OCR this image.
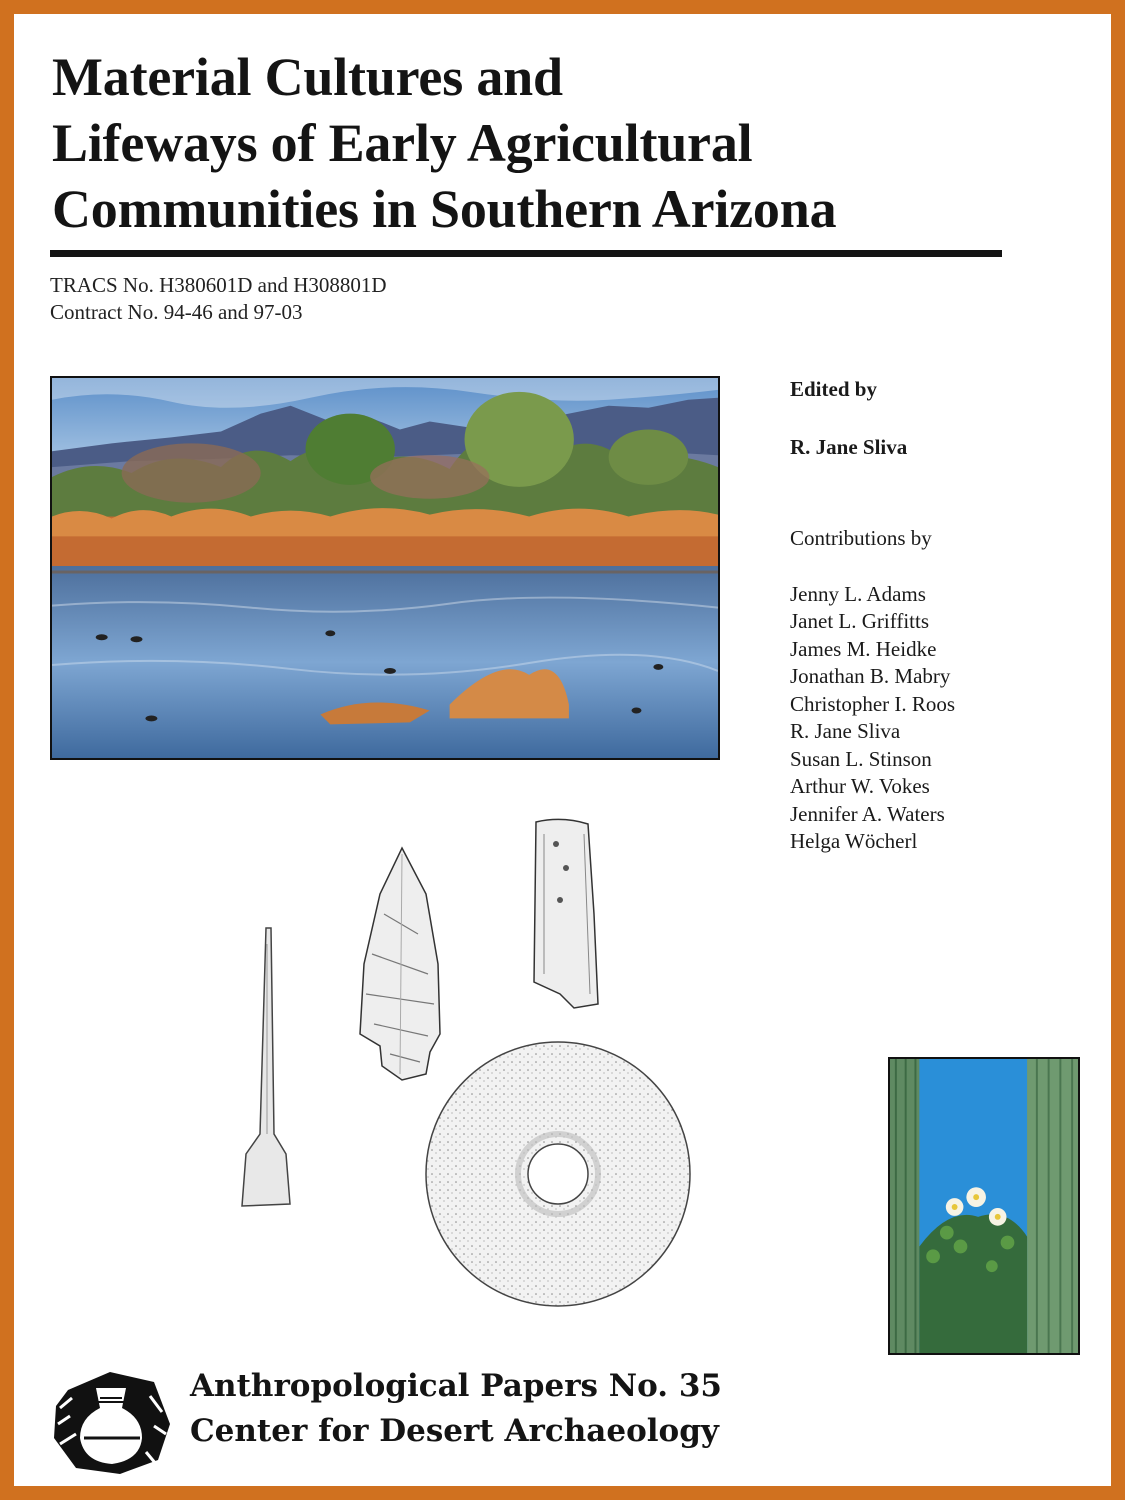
Material Cultures and
Lifeways of Early Agricultural
Communities in Southern Arizona
TRACS No. H380601D and H308801D
Contract No. 94-46 and 97-03
Edited by
R. Jane Sliva
Contributions by
Jenny L. Adams
Janet L. Griffitts
James M. Heidke
Jonathan B. Mabry
Christopher I. Roos
R. Jane Sliva
Susan L. Stinson
Arthur W. Vokes
Jennifer A. Waters
Helga Wöcherl
Anthropological Papers No. 35
Center for Desert Archaeology
